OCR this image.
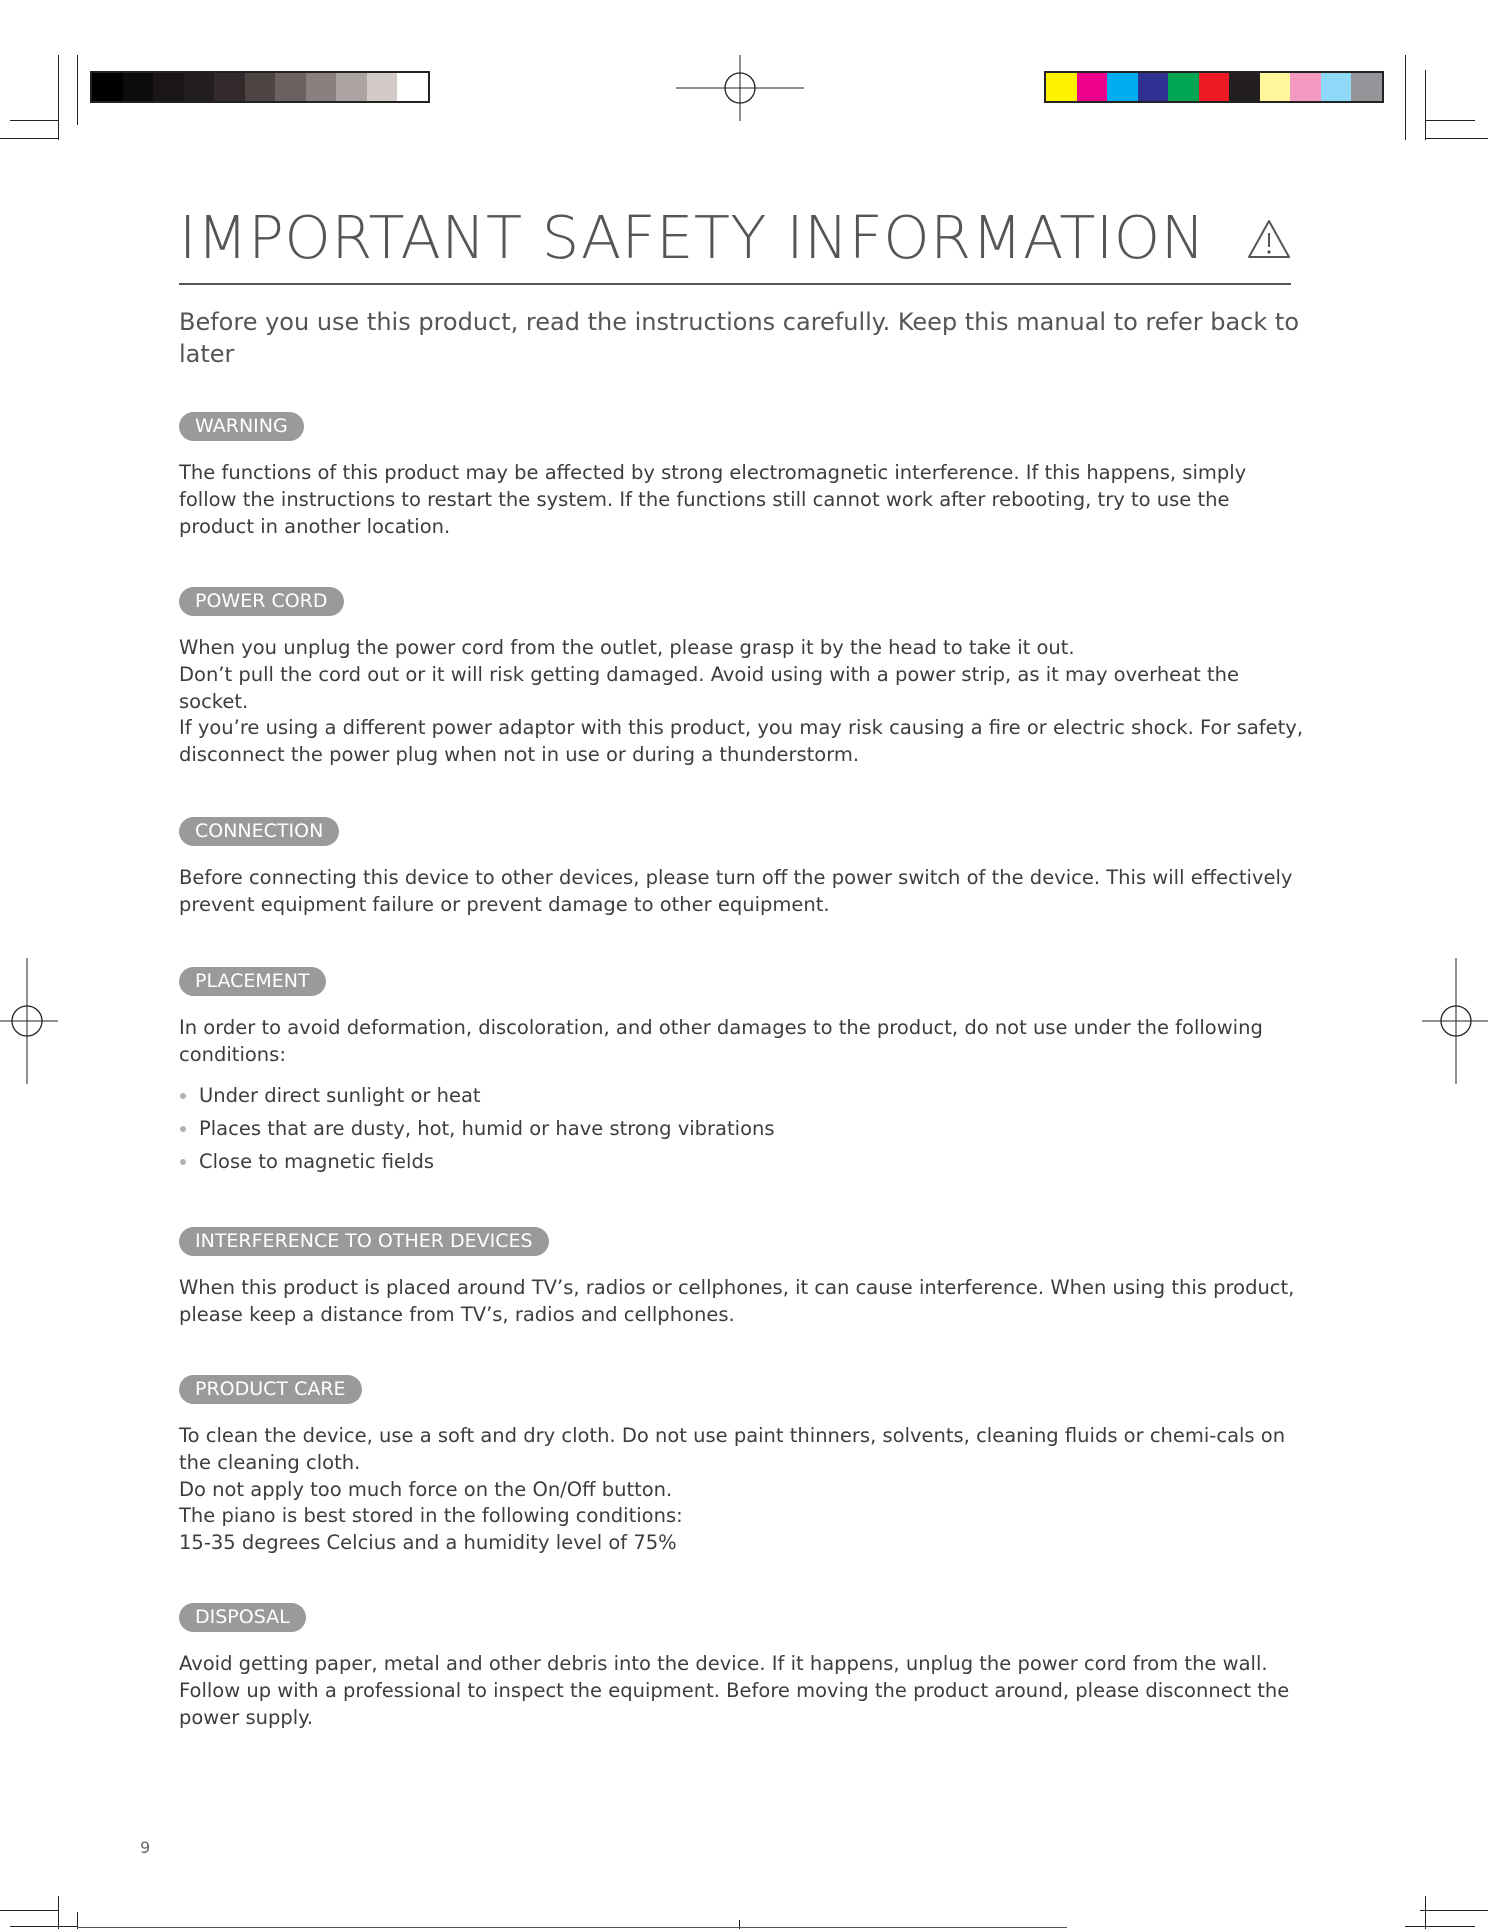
IMPORTANT SAFETY INFORMATION

Before you use this product, read the instructions carefully. Keep this manual to refer back to later

WARNING

The functions of this product may be affected by strong electromagnetic interference. If this happens, simply follow the instructions to restart the system. If the functions still cannot work after rebooting, try to use the product in another location.

POWER CORD

When you unplug the power cord from the outlet, please grasp it by the head to take it out.

Don’t pull the cord out or it will risk getting damaged. Avoid using with a power strip, as it may overheat the socket.

If you’re using a different power adaptor with this product, you may risk causing a fire or electric shock. For safety, disconnect the power plug when not in use or during a thunderstorm.

CONNECTION

Before connecting this device to other devices, please turn off the power switch of the device. This will effectively prevent equipment failure or prevent damage to other equipment.

PLACEMENT

In order to avoid deformation, discoloration, and other damages to the product, do not use under the following conditions:

Under direct sunlight or heat
Places that are dusty, hot, humid or have strong vibrations
Close to magnetic fields
INTERFERENCE TO OTHER DEVICES

When this product is placed around TV’s, radios or cellphones, it can cause interference. When using this product, please keep a distance from TV’s, radios and cellphones.

PRODUCT CARE

To clean the device, use a soft and dry cloth. Do not use paint thinners, solvents, cleaning fluids or chemi-cals on the cleaning cloth.

Do not apply too much force on the On/Off button.

The piano is best stored in the following conditions:

15-35 degrees Celcius and a humidity level of 75%

DISPOSAL

Avoid getting paper, metal and other debris into the device. If it happens, unplug the power cord from the wall. Follow up with a professional to inspect the equipment. Before moving the product around, please disconnect the power supply.

9
